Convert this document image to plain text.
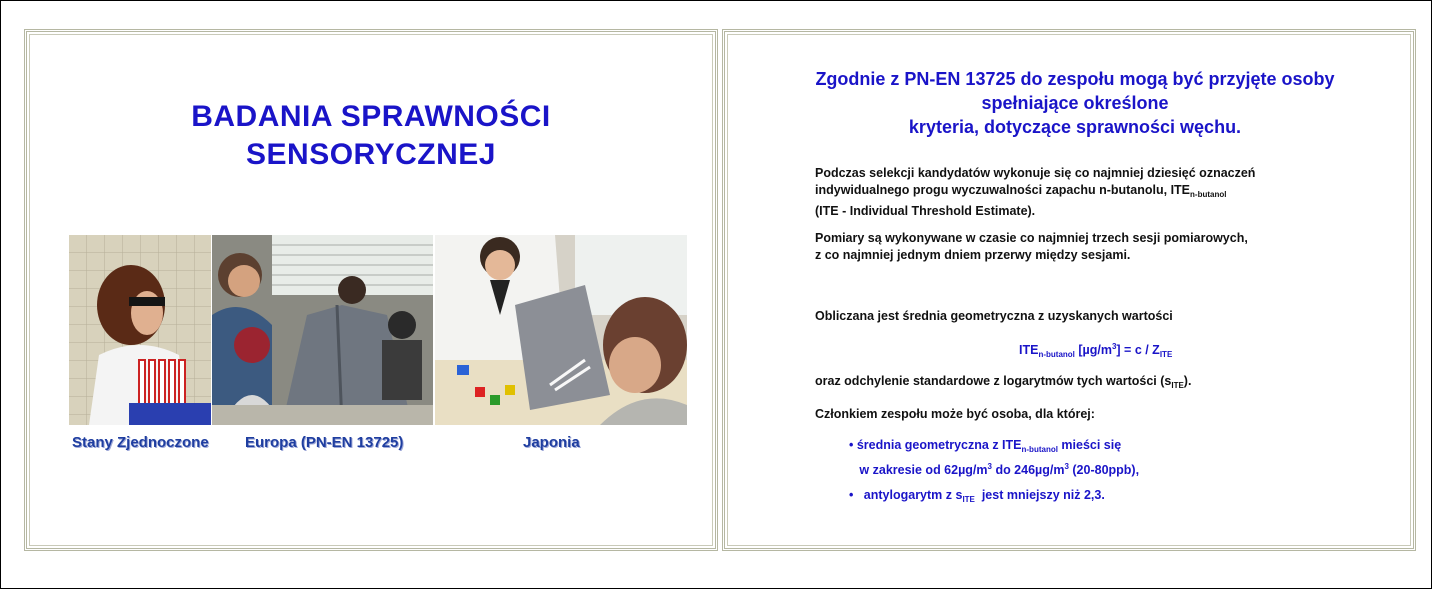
BADANIA SPRAWNOŚCI
SENSORYCZNEJ
Stany Zjednoczone Europa (PN-EN 13725)	Japonia
Zgodnie z PN-EN 13725 do zespołu mogą być przyjęte osoby
spełniające określone
kryteria, dotyczące sprawności węchu.
Podczas selekcji kandydatów wykonuje się co najmniej dziesięć oznaczeń
indywidualnego progu wyczuwalności zapachu n-butanolu, $ITE_{n-butanol}$
(ITE - Individual Threshold Estimate).
Pomiary są wykonywane w czasie co najmniej trzech sesji pomiarowych,
z co najmniej jednym dniem przerwy między sesjami.
Obliczana jest średnia geometryczna z uzyskanych wartości
$ITE_{n-butanol}$ $[\mu g/m^3] = c / Z_{ITE}$
oraz odchylenie standardowe z logarytmów tych wartości $(s_{ITE})$.
Członkiem zespołu może być osoba, dla której:
• średnia geometryczna z $ITE_{n-butanol}$ mieści się
w zakresie od $62\mu g/m^3$ do $246\mu g/m^3$ (20-80ppb),
•   antylogarytm z $s_{ITE}$  jest mniejszy niż 2,3.
